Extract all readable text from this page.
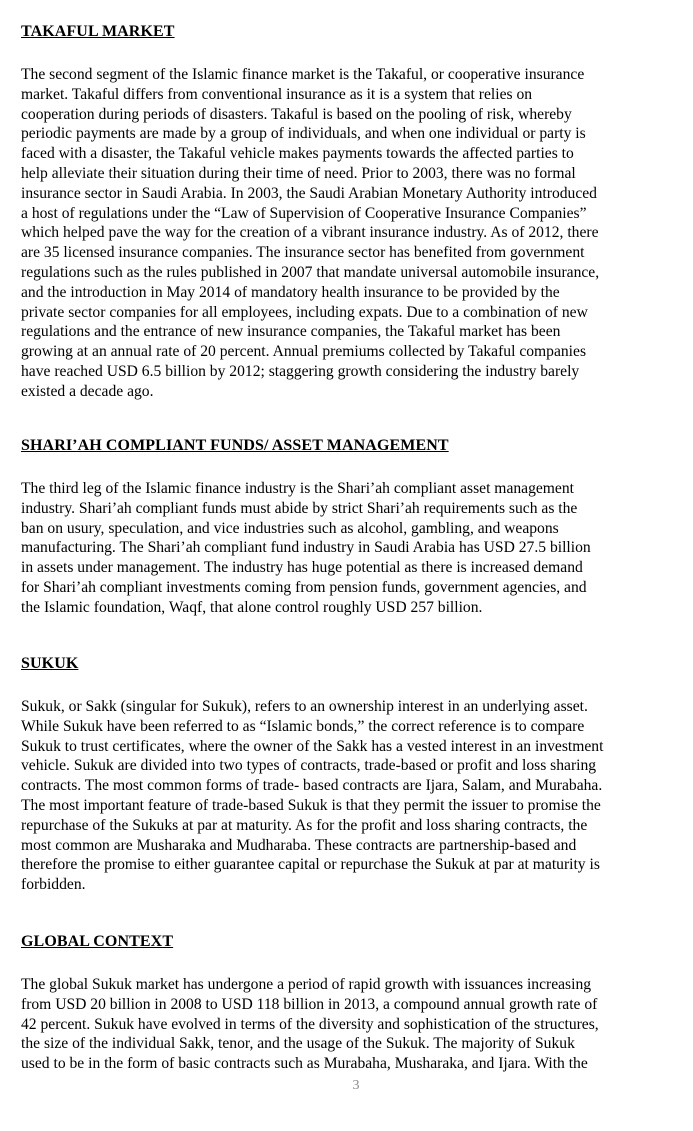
TAKAFUL MARKET

The second segment of the Islamic finance market is the Takaful, or cooperative insurance
market. Takaful differs from conventional insurance as it is a system that relies on
cooperation during periods of disasters. Takaful is based on the pooling of risk, whereby
periodic payments are made by a group of individuals, and when one individual or party is
faced with a disaster, the Takaful vehicle makes payments towards the affected parties to
help alleviate their situation during their time of need. Prior to 2003, there was no formal
insurance sector in Saudi Arabia. In 2003, the Saudi Arabian Monetary Authority introduced
a host of regulations under the “Law of Supervision of Cooperative Insurance Companies”
which helped pave the way for the creation of a vibrant insurance industry. As of 2012, there
are 35 licensed insurance companies. The insurance sector has benefited from government
regulations such as the rules published in 2007 that mandate universal automobile insurance,
and the introduction in May 2014 of mandatory health insurance to be provided by the
private sector companies for all employees, including expats. Due to a combination of new
regulations and the entrance of new insurance companies, the Takaful market has been
growing at an annual rate of 20 percent. Annual premiums collected by Takaful companies
have reached USD 6.5 billion by 2012; staggering growth considering the industry barely
existed a decade ago.

SHARI’AH COMPLIANT FUNDS/ ASSET MANAGEMENT

The third leg of the Islamic finance industry is the Shari’ah compliant asset management
industry. Shari’ah compliant funds must abide by strict Shari’ah requirements such as the
ban on usury, speculation, and vice industries such as alcohol, gambling, and weapons
manufacturing. The Shari’ah compliant fund industry in Saudi Arabia has USD 27.5 billion
in assets under management. The industry has huge potential as there is increased demand
for Shari’ah compliant investments coming from pension funds, government agencies, and
the Islamic foundation, Waqf, that alone control roughly USD 257 billion.

SUKUK

Sukuk, or Sakk (singular for Sukuk), refers to an ownership interest in an underlying asset.
While Sukuk have been referred to as “Islamic bonds,” the correct reference is to compare
Sukuk to trust certificates, where the owner of the Sakk has a vested interest in an investment
vehicle. Sukuk are divided into two types of contracts, trade-based or profit and loss sharing
contracts. The most common forms of trade- based contracts are Ijara, Salam, and Murabaha.
The most important feature of trade-based Sukuk is that they permit the issuer to promise the
repurchase of the Sukuks at par at maturity. As for the profit and loss sharing contracts, the
most common are Musharaka and Mudharaba. These contracts are partnership-based and
therefore the promise to either guarantee capital or repurchase the Sukuk at par at maturity is
forbidden.

GLOBAL CONTEXT

The global Sukuk market has undergone a period of rapid growth with issuances increasing
from USD 20 billion in 2008 to USD 118 billion in 2013, a compound annual growth rate of
42 percent. Sukuk have evolved in terms of the diversity and sophistication of the structures,
the size of the individual Sakk, tenor, and the usage of the Sukuk. The majority of Sukuk
used to be in the form of basic contracts such as Murabaha, Musharaka, and Ijara. With the

3
